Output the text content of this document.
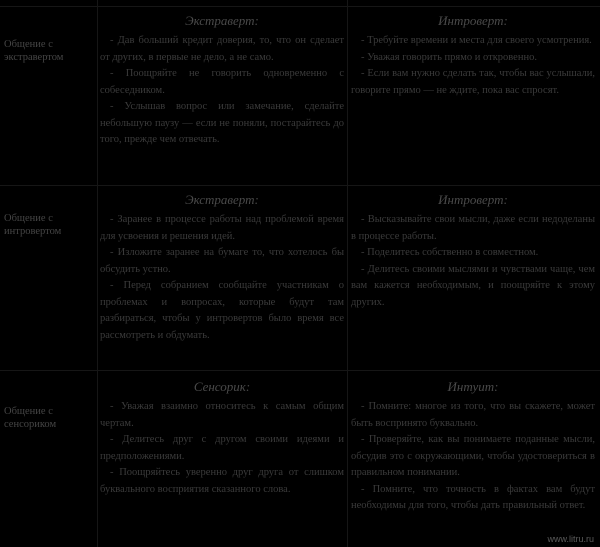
Общение с экстравертом
Экстраверт:

- Дав больший кредит доверия, то, что он сделает от других, в первые не дело, а не само.

- Поощряйте не говорить одновременно с собеседником.

- Услышав вопрос или замечание, сделайте небольшую паузу — если не поняли, постарайтесь до того, прежде чем отвечать.

Интроверт:

- Требуйте времени и места для своего усмотрения.

- Уважая говорить прямо и откровенно.

- Если вам нужно сделать так, чтобы вас услышали, говорите прямо — не ждите, пока вас спросят.

Общение с интровертом
Экстраверт:

- Заранее в процессе работы над проблемой время для усвоения и решения идей.

- Изложите заранее на бумаге то, что хотелось бы обсудить устно.

- Перед собранием сообщайте участникам о проблемах и вопросах, которые будут там разбираться, чтобы у интровертов было время все рассмотреть и обдумать.

Интроверт:

- Высказывайте свои мысли, даже если недоделаны в процессе работы.

- Поделитесь собственно в совместном.

- Делитесь своими мыслями и чувствами чаще, чем вам кажется необходимым, и поощряйте к этому других.

Общение с сенсориком
Сенсорик:

- Уважая взаимно относитесь к самым общим чертам.

- Делитесь друг с другом своими идеями и предположениями.

- Поощряйтесь уверенно друг друга от слишком буквального восприятия сказанного слова.

Интуит:

- Помните: многое из того, что вы скажете, может быть воспринято буквально.

- Проверяйте, как вы понимаете поданные мысли, обсудив это с окружающими, чтобы удостовериться в правильном понимании.

- Помните, что точность в фактах вам будут необходимы для того, чтобы дать правильный ответ.

www.litru.ru
